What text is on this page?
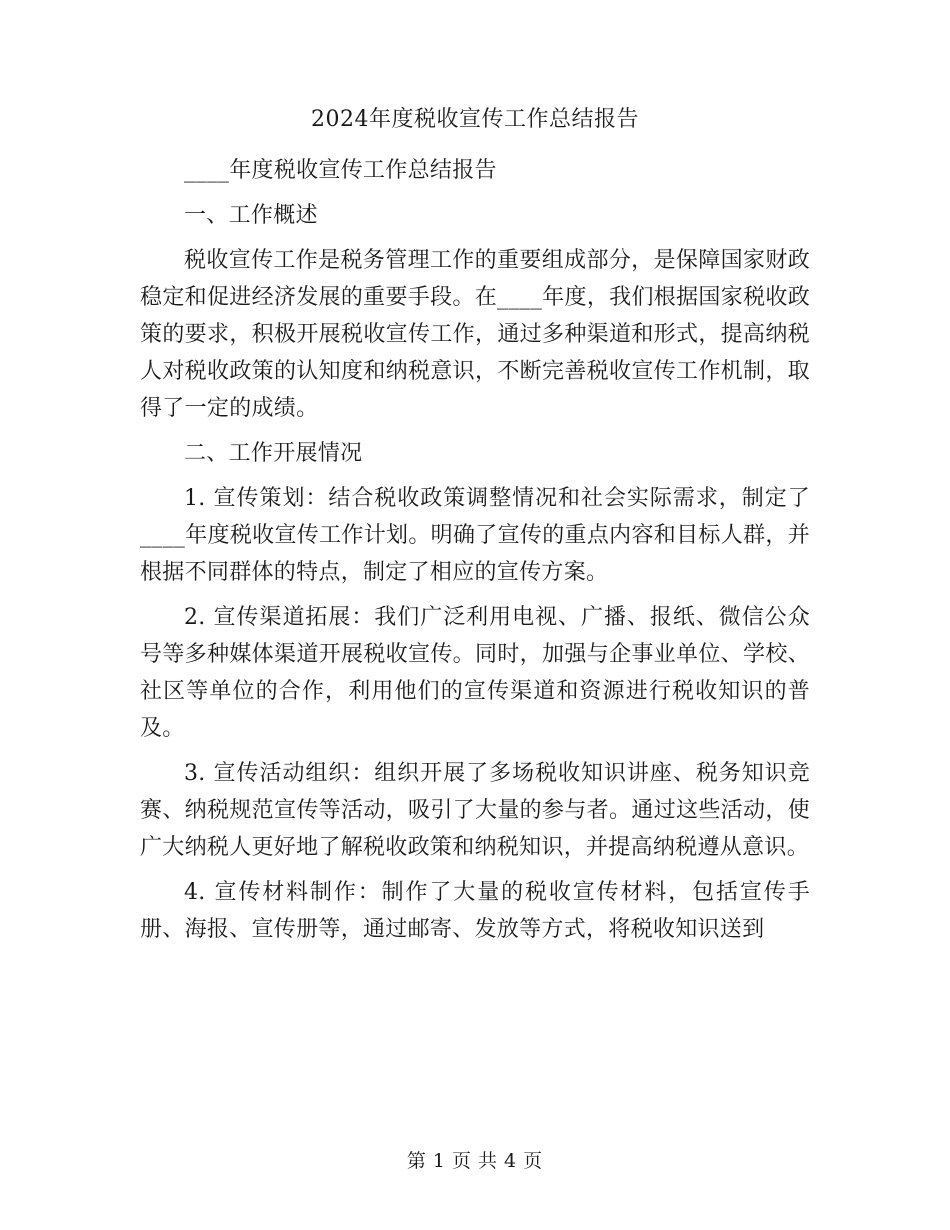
2024年度税收宣传工作总结报告

____年度税收宣传工作总结报告

一、工作概述

税收宣传工作是税务管理工作的重要组成部分，是保障国家财政稳定和促进经济发展的重要手段。在____年度，我们根据国家税收政策的要求，积极开展税收宣传工作，通过多种渠道和形式，提高纳税人对税收政策的认知度和纳税意识，不断完善税收宣传工作机制，取得了一定的成绩。

二、工作开展情况

1. 宣传策划：结合税收政策调整情况和社会实际需求，制定了____年度税收宣传工作计划。明确了宣传的重点内容和目标人群，并根据不同群体的特点，制定了相应的宣传方案。

2. 宣传渠道拓展：我们广泛利用电视、广播、报纸、微信公众号等多种媒体渠道开展税收宣传。同时，加强与企事业单位、学校、社区等单位的合作，利用他们的宣传渠道和资源进行税收知识的普及。

3. 宣传活动组织：组织开展了多场税收知识讲座、税务知识竞赛、纳税规范宣传等活动，吸引了大量的参与者。通过这些活动，使广大纳税人更好地了解税收政策和纳税知识，并提高纳税遵从意识。

4. 宣传材料制作：制作了大量的税收宣传材料，包括宣传手册、海报、宣传册等，通过邮寄、发放等方式，将税收知识送到

第 1 页 共 4 页
